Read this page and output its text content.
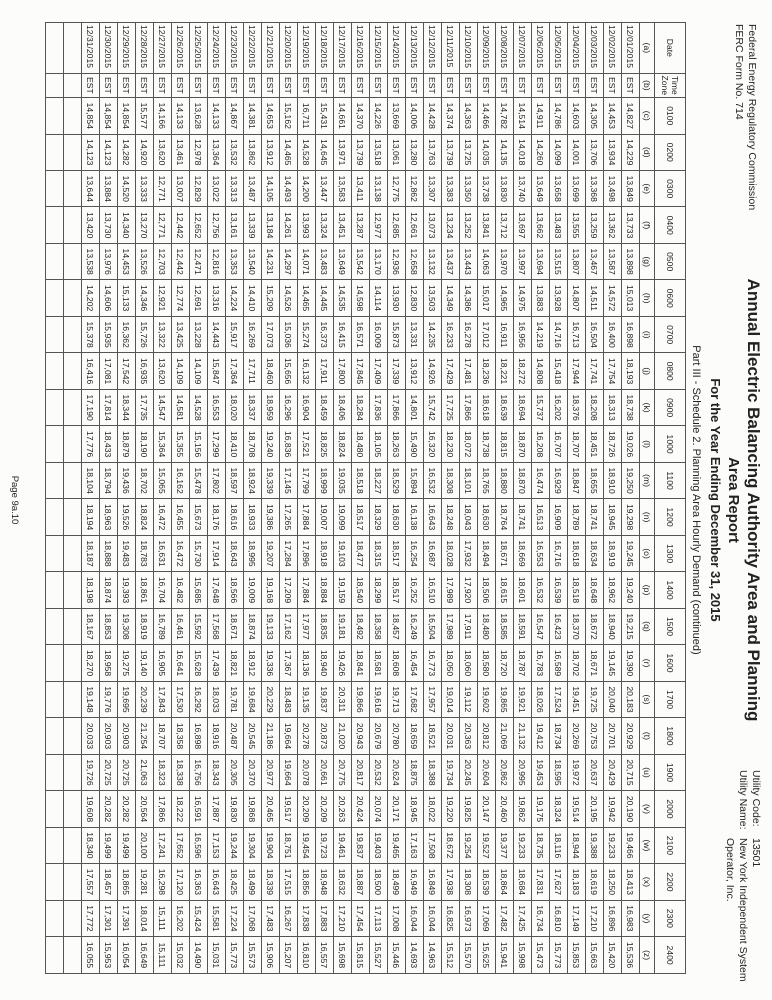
Federal Energy Regulatory Commission
FERC Form No. 714
Annual Electric Balancing Authority Area and Planning
Area Report
For the Year Ending December 31, 2015
Utility Code:
13501
Utility Name:
New York Independent System Operator, Inc.
Part III - Schedule 2. Planning Area Hourly Demand (continued)
Date	Time Zone	0100	0200	0300	0400	0500	0600	0700	0800	0900	1000	1100	1200	1300	1400	1500	1600	1700	1800	1900	2000	2100	2200	2300	2400
(a)	(b)	(c)	(d)	(e)	(f)	(g)	(h)	(i)	(j)	(k)	(l)	(m)	(n)	(o)	(p)	(q)	(r)	(s)	(t)	(u)	(v)	(w)	(x)	(y)	(z)
12/01/2015	EST	14,827	14,229	13,849	13,733	13,898	15,013	16,898	18,193	18,738	19,026	19,250	19,298	19,245	19,240	19,215	19,390	20,183	20,929	20,715	20,190	19,466	18,413	16,983	15,536
12/02/2015	EST	14,453	13,934	13,498	13,362	13,587	14,572	16,400	17,754	18,313	18,726	18,910	18,945	18,919	18,962	18,940	19,145	20,040	20,701	20,429	19,942	19,233	18,250	16,896	15,420
12/03/2015	EST	14,305	13,706	13,368	13,259	13,467	14,511	16,504	17,741	18,208	18,451	18,655	18,741	18,634	18,648	18,672	18,671	19,725	20,753	20,637	20,195	19,388	18,619	17,210	15,663
12/04/2015	EST	14,603	14,001	13,699	13,555	13,807	14,807	16,713	17,944	18,376	18,707	18,847	18,789	18,618	18,518	18,370	18,702	19,451	20,269	19,972	19,514	18,944	18,183	17,149	15,853
12/05/2015	EST	14,786	14,099	13,658	13,483	13,515	13,928	14,716	15,418	16,202	16,707	16,929	16,909	16,716	16,539	16,423	16,589	17,524	18,734	18,595	18,324	18,116	17,627	16,810	15,773
12/06/2015	EST	14,911	14,260	13,649	13,662	13,694	13,883	14,219	14,808	15,737	16,208	16,474	16,513	16,553	16,532	16,547	16,783	18,026	19,412	19,453	19,175	18,735	17,831	16,734	15,473
12/07/2015	EST	14,514	14,018	13,740	13,697	13,997	14,975	16,956	18,272	18,694	18,870	18,870	18,741	18,669	18,601	18,591	18,787	19,921	21,132	20,995	19,862	19,233	18,684	17,425	15,998
12/08/2015	EST	14,782	14,135	13,830	13,712	13,970	14,965	16,911	18,221	18,639	18,815	18,880	18,764	18,671	18,615	18,585	18,720	19,865	21,069	20,862	20,460	19,377	18,864	17,482	15,941
12/09/2015	EST	14,466	14,035	13,738	13,841	14,063	15,017	17,012	18,236	18,618	18,738	18,765	18,630	18,494	18,506	18,480	18,580	19,602	20,812	20,604	20,147	19,527	18,539	17,069	15,625
12/10/2015	EST	14,363	13,725	13,350	13,252	13,443	14,386	16,278	17,481	17,866	18,072	18,101	18,043	17,932	17,920	17,911	18,060	19,112	20,363	20,245	19,825	19,254	18,308	16,973	15,570
12/11/2015	EST	14,374	13,739	13,383	13,234	13,437	14,349	16,233	17,429	17,725	18,230	18,308	18,248	18,028	17,989	17,989	18,050	19,014	20,031	19,734	19,220	18,672	17,938	16,825	15,512
12/12/2015	EST	14,428	13,763	13,307	13,073	13,132	13,503	14,235	14,926	15,742	16,320	16,532	16,643	16,687	16,510	16,504	16,773	17,957	18,521	18,388	18,022	17,508	16,849	16,044	14,963
12/13/2015	EST	14,006	13,280	12,862	12,661	12,658	12,830	13,331	13,912	14,801	15,490	15,894	16,138	16,254	16,252	16,249	16,454	17,682	18,659	18,875	18,945	17,163	16,949	16,044	14,693
12/14/2015	EST	13,669	13,061	12,775	12,685	12,936	13,930	15,873	17,339	17,866	18,263	18,529	18,630	18,517	18,517	18,457	18,608	19,713	20,780	20,624	20,171	19,465	18,499	17,008	15,446
12/15/2015	EST	14,226	13,518	13,138	12,977	13,170	14,114	16,009	17,409	17,836	18,105	18,227	18,329	18,315	18,299	18,358	18,581	19,616	20,679	20,532	20,074	19,403	18,500	17,113	15,527
12/16/2015	EST	14,370	13,739	13,411	13,287	13,542	14,598	16,571	17,845	18,284	18,480	18,518	18,517	18,477	18,540	18,492	18,841	19,866	20,943	20,817	20,424	19,837	18,887	17,454	15,815
12/17/2015	EST	14,661	13,971	13,583	13,451	13,649	14,535	16,415	17,800	18,406	18,824	19,035	19,099	19,103	19,159	19,181	19,426	20,311	21,020	20,775	20,263	19,461	18,632	17,210	15,698
12/18/2015	EST	15,431	14,645	13,447	13,324	13,483	14,445	16,373	17,911	18,459	18,825	18,999	19,007	18,918	18,884	18,835	18,940	19,837	20,873	20,661	20,209	19,723	18,948	17,883	16,557
12/19/2015	EST	16,711	14,528	14,200	13,993	14,071	14,465	15,274	16,132	16,904	17,521	17,799	17,884	17,896	17,884	17,977	18,136	19,135	20,278	20,078	20,209	19,454	18,856	17,838	16,810
12/20/2015	EST	15,162	14,465	14,493	14,261	14,297	14,526	15,036	15,656	16,296	16,836	17,145	17,265	17,284	17,209	17,162	17,367	18,483	19,664	19,664	19,517	18,751	17,515	16,267	15,207
12/21/2015	EST	14,653	13,912	14,105	13,184	14,231	15,209	17,073	18,460	18,959	19,240	19,339	19,386	19,207	19,168	19,133	19,336	20,229	21,186	20,977	20,465	19,904	18,339	17,483	15,906
12/22/2015	EST	14,381	13,862	13,487	13,339	13,540	14,410	16,269	17,711	18,337	18,708	18,924	18,933	18,995	19,009	18,874	18,912	19,684	20,545	20,370	19,868	19,304	18,499	17,068	15,573
12/23/2015	EST	14,867	13,532	13,313	13,161	13,353	14,224	15,917	17,364	18,020	18,410	18,597	18,616	18,643	18,566	18,671	18,821	19,781	20,487	20,305	19,830	19,244	18,425	17,224	15,773
12/24/2015	EST	14,133	13,364	13,022	12,756	12,816	13,316	14,443	15,847	16,553	17,299	17,802	18,176	17,914	17,648	17,568	17,439	18,033	18,916	18,343	17,887	17,153	16,643	15,581	15,031
12/25/2015	EST	13,628	12,978	12,829	12,652	12,471	12,691	13,228	14,109	14,528	15,156	15,478	15,673	15,730	15,685	15,592	15,628	16,292	16,898	16,756	16,591	16,596	16,363	15,424	14,490
12/26/2015	EST	14,133	13,461	13,007	12,442	12,442	12,774	13,425	14,109	14,581	15,355	16,162	16,455	16,472	16,482	16,461	16,641	17,530	18,358	18,338	18,222	17,652	17,120	16,202	15,032
12/27/2015	EST	14,166	13,620	12,771	12,771	12,703	12,921	13,322	13,620	14,547	15,364	15,065	16,472	16,631	16,704	16,789	16,905	17,843	18,707	18,323	17,866	17,241	16,298	15,111	15,111
12/28/2015	EST	15,577	14,920	13,333	13,270	13,526	14,346	15,726	16,935	17,735	18,190	18,702	18,824	18,783	18,861	18,919	19,140	20,239	21,254	21,063	20,564	20,100	19,281	18,014	16,649
12/29/2015	EST	14,854	14,282	14,520	14,340	14,453	15,133	16,362	17,542	18,344	18,879	19,436	19,526	19,483	19,393	19,308	19,275	19,695	20,903	20,725	20,282	19,499	18,865	17,391	16,054
12/30/2015	EST	14,854	14,123	13,884	13,730	13,976	14,606	15,935	17,081	17,814	18,433	18,794	18,963	18,888	18,874	18,853	18,958	19,776	20,903	20,725	20,282	19,499	18,457	17,301	15,953
12/31/2015	EST	14,854	14,123	13,644	13,420	13,538	14,202	15,378	16,416	17,190	17,776	18,104	18,194	18,187	18,198	18,167	18,270	19,148	20,033	19,726	19,608	18,340	17,557	17,772	16,055

Page 9a.10
